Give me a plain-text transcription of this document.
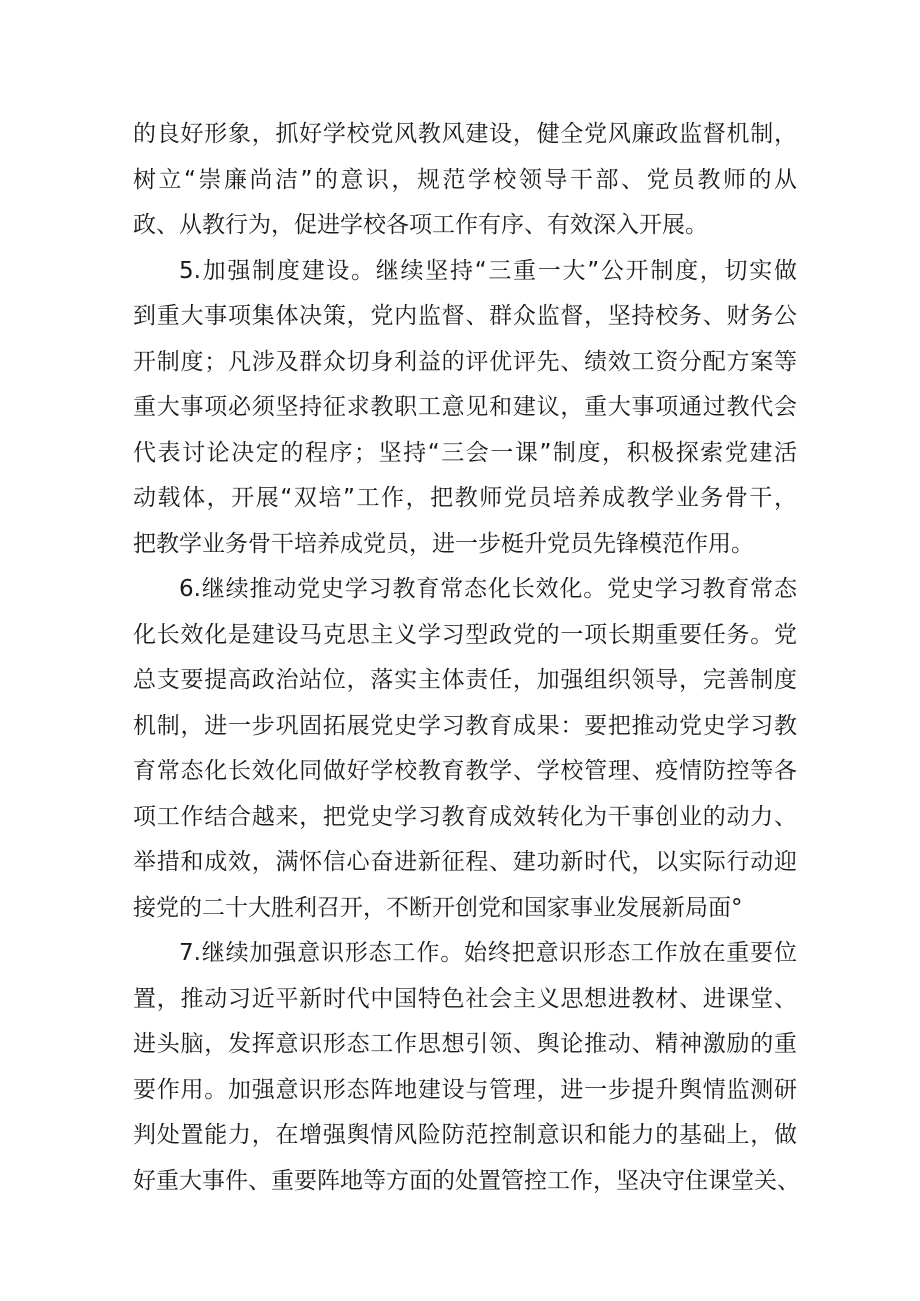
的良好形象，抓好学校党风教风建设，健全党风廉政监督机制，
树立“崇廉尚洁”的意识，规范学校领导干部、党员教师的从
政、从教行为，促进学校各项工作有序、有效深入开展。
5.加强制度建设。继续坚持“三重一大”公开制度，切实做
到重大事项集体决策，党内监督、群众监督，坚持校务、财务公
开制度；凡涉及群众切身利益的评优评先、绩效工资分配方案等
重大事项必须坚持征求教职工意见和建议，重大事项通过教代会
代表讨论决定的程序；坚持“三会一课”制度，积极探索党建活
动载体，开展“双培”工作，把教师党员培养成教学业务骨干，
把教学业务骨干培养成党员，进一步梃升党员先锋模范作用。
6.继续推动党史学习教育常态化长效化。党史学习教育常态
化长效化是建设马克思主义学习型政党的一项长期重要任务。党
总支要提高政治站位，落实主体责任，加强组织领导，完善制度
机制，进一步巩固拓展党史学习教育成果：要把推动党史学习教
育常态化长效化同做好学校教育教学、学校管理、疫情防控等各
项工作结合越来，把党史学习教育成效转化为干事创业的动力、
举措和成效，满怀信心奋进新征程、建功新时代，以实际行动迎
接党的二十大胜利召开，不断开创党和国家事业发展新局面°
7.继续加强意识形态工作。始终把意识形态工作放在重要位
置，推动习近平新时代中国特色社会主义思想进教材、进课堂、
进头脑，发挥意识形态工作思想引领、舆论推动、精神激励的重
要作用。加强意识形态阵地建设与管理，进一步提升舆情监测研
判处置能力，在增强舆情风险防范控制意识和能力的基础上，做
好重大事件、重要阵地等方面的处置管控工作，坚决守住课堂关、
